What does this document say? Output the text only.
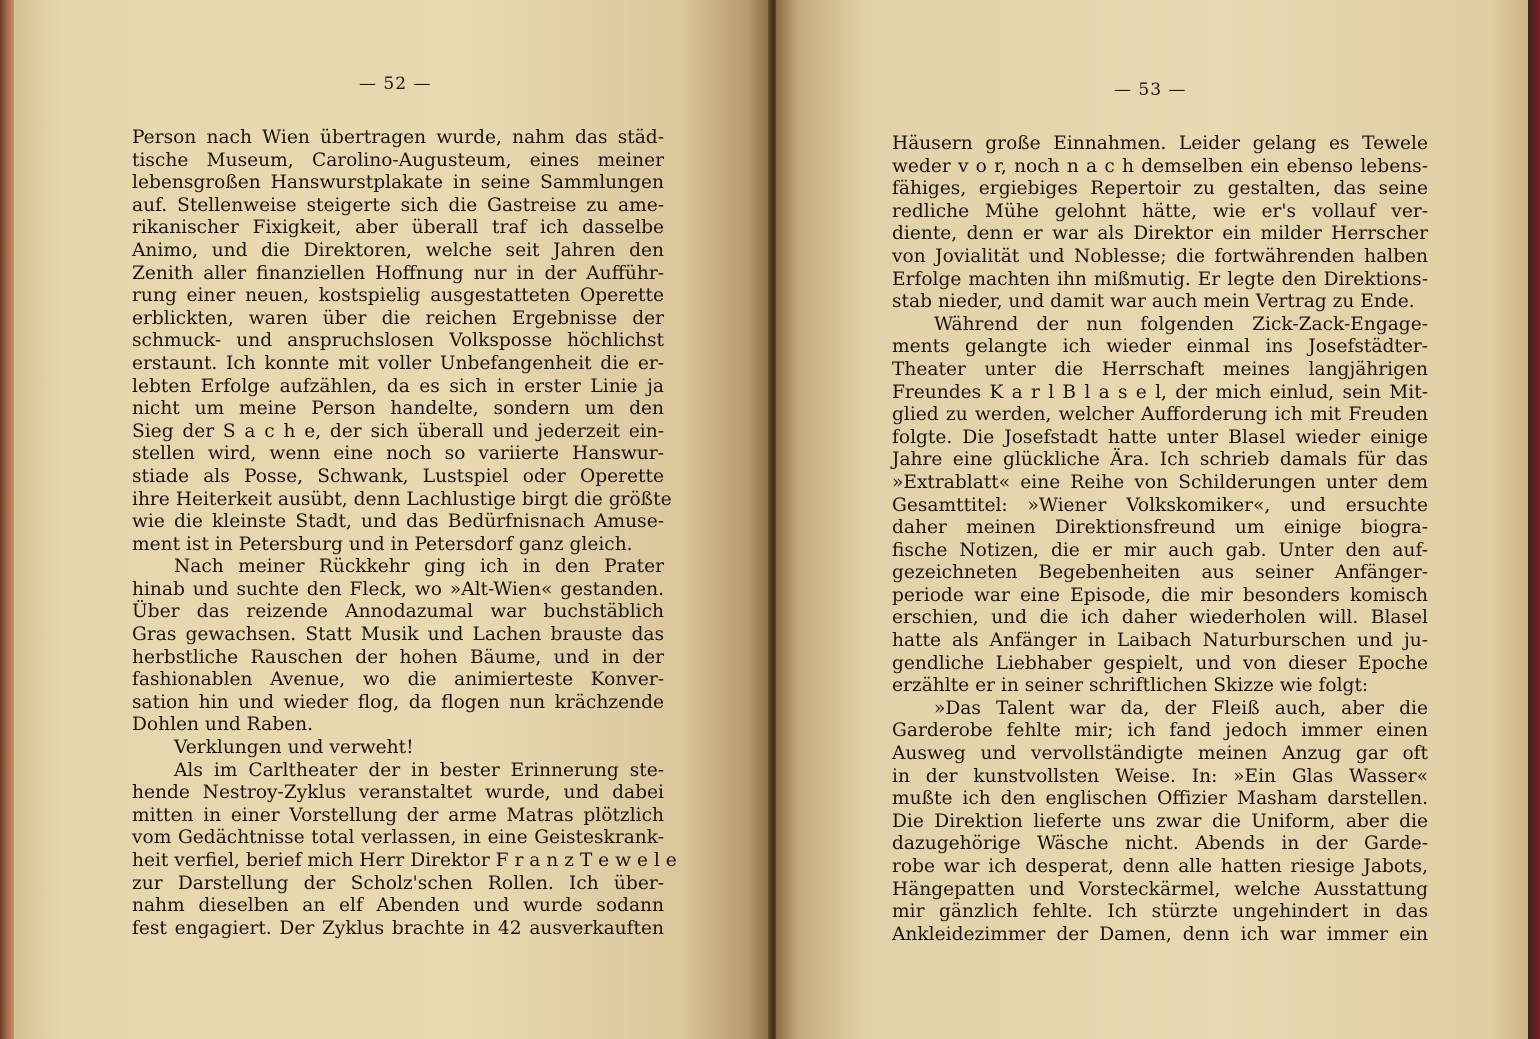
— 52 —
Person nach Wien übertragen wurde, nahm das städ-
tische Museum, Carolino-Augusteum, eines meiner
lebensgroßen Hanswurstplakate in seine Sammlungen
auf. Stellenweise steigerte sich die Gastreise zu ame-
rikanischer Fixigkeit, aber überall traf ich dasselbe
Animo, und die Direktoren, welche seit Jahren den
Zenith aller finanziellen Hoffnung nur in der Aufführ-
rung einer neuen, kostspielig ausgestatteten Operette
erblickten, waren über die reichen Ergebnisse der
schmuck- und anspruchslosen Volksposse höchlichst
erstaunt. Ich konnte mit voller Unbefangenheit die er-
lebten Erfolge aufzählen, da es sich in erster Linie ja
nicht um meine Person handelte, sondern um den
Sieg der S a c h e, der sich überall und jederzeit ein-
stellen wird, wenn eine noch so variierte Hanswur-
stiade als Posse, Schwank, Lustspiel oder Operette
ihre Heiterkeit ausübt, denn Lachlustige birgt die größte
wie die kleinste Stadt, und das Bedürfnisnach Amuse-
ment ist in Petersburg und in Petersdorf ganz gleich.
Nach meiner Rückkehr ging ich in den Prater
hinab und suchte den Fleck, wo »Alt-Wien« gestanden.
Über das reizende Annodazumal war buchstäblich
Gras gewachsen. Statt Musik und Lachen brauste das
herbstliche Rauschen der hohen Bäume, und in der
fashionablen Avenue, wo die animierteste Konver-
sation hin und wieder flog, da flogen nun krächzende
Dohlen und Raben.
Verklungen und verweht!
Als im Carltheater der in bester Erinnerung ste-
hende Nestroy-Zyklus veranstaltet wurde, und dabei
mitten in einer Vorstellung der arme Matras plötzlich
vom Gedächtnisse total verlassen, in eine Geisteskrank-
heit verfiel, berief mich Herr Direktor F r a n z T e w e l e
zur Darstellung der Scholz'schen Rollen. Ich über-
nahm dieselben an elf Abenden und wurde sodann
fest engagiert. Der Zyklus brachte in 42 ausverkauften
— 53 —
Häusern große Einnahmen. Leider gelang es Tewele
weder v o r, noch n a c h demselben ein ebenso lebens-
fähiges, ergiebiges Repertoir zu gestalten, das seine
redliche Mühe gelohnt hätte, wie er's vollauf ver-
diente, denn er war als Direktor ein milder Herrscher
von Jovialität und Noblesse; die fortwährenden halben
Erfolge machten ihn mißmutig. Er legte den Direktions-
stab nieder, und damit war auch mein Vertrag zu Ende.
Während der nun folgenden Zick-Zack-Engage-
ments gelangte ich wieder einmal ins Josefstädter-
Theater unter die Herrschaft meines langjährigen
Freundes K a r l B l a s e l, der mich einlud, sein Mit-
glied zu werden, welcher Aufforderung ich mit Freuden
folgte. Die Josefstadt hatte unter Blasel wieder einige
Jahre eine glückliche Ära. Ich schrieb damals für das
»Extrablatt« eine Reihe von Schilderungen unter dem
Gesamttitel: »Wiener Volkskomiker«, und ersuchte
daher meinen Direktionsfreund um einige biogra-
fische Notizen, die er mir auch gab. Unter den auf-
gezeichneten Begebenheiten aus seiner Anfänger-
periode war eine Episode, die mir besonders komisch
erschien, und die ich daher wiederholen will. Blasel
hatte als Anfänger in Laibach Naturburschen und ju-
gendliche Liebhaber gespielt, und von dieser Epoche
erzählte er in seiner schriftlichen Skizze wie folgt:
»Das Talent war da, der Fleiß auch, aber die
Garderobe fehlte mir; ich fand jedoch immer einen
Ausweg und vervollständigte meinen Anzug gar oft
in der kunstvollsten Weise. In: »Ein Glas Wasser«
mußte ich den englischen Offizier Masham darstellen.
Die Direktion lieferte uns zwar die Uniform, aber die
dazugehörige Wäsche nicht. Abends in der Garde-
robe war ich desperat, denn alle hatten riesige Jabots,
Hängepatten und Vorsteckärmel, welche Ausstattung
mir gänzlich fehlte. Ich stürzte ungehindert in das
Ankleidezimmer der Damen, denn ich war immer ein
